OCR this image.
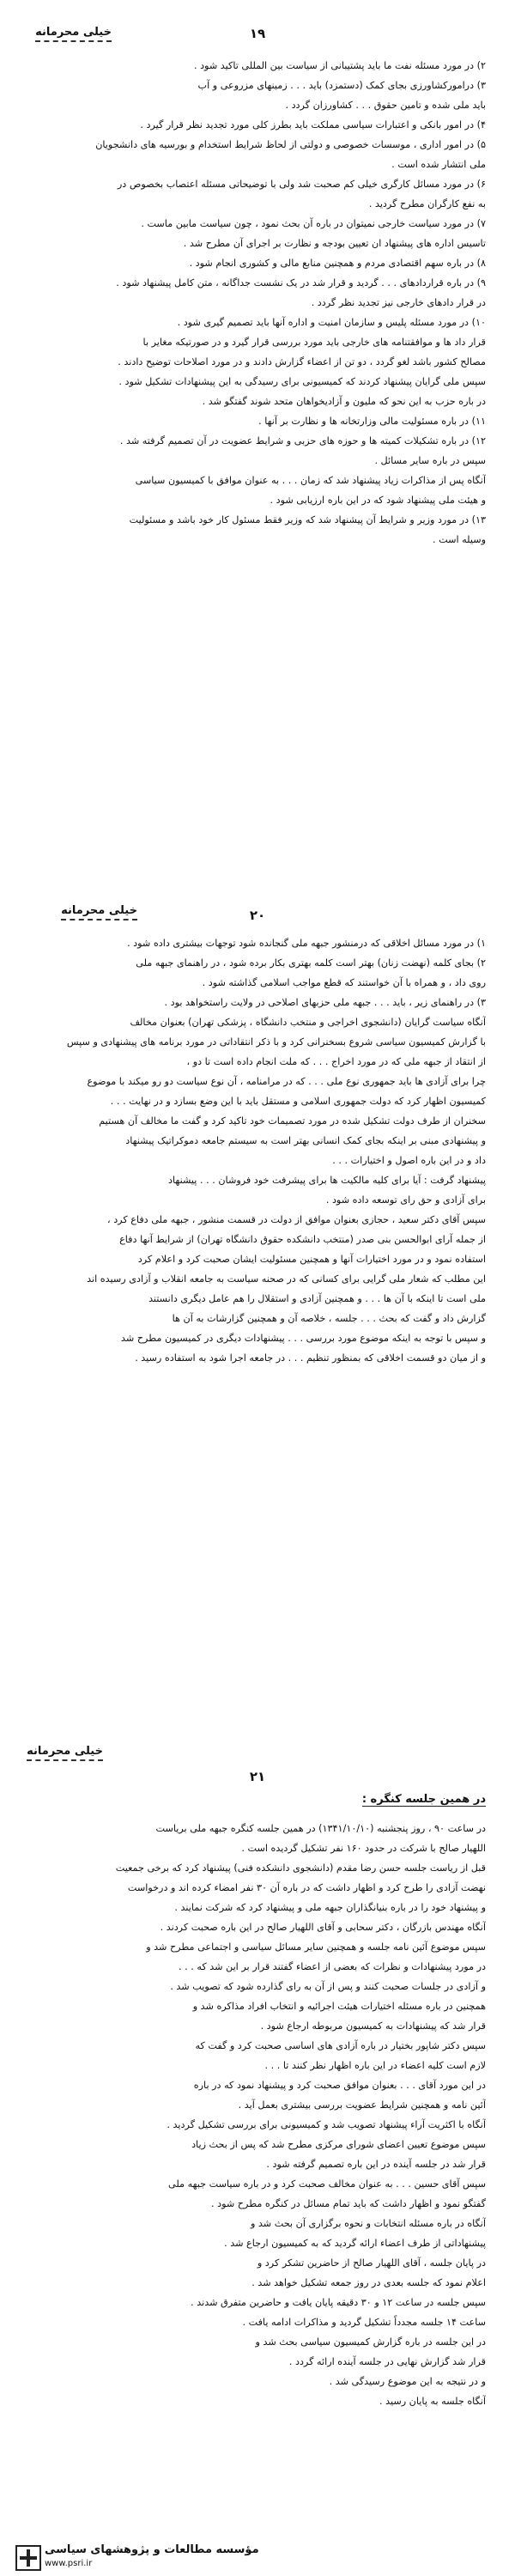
خیلی محرمانه	۱۹
۲) در مورد مسئله نفت ما باید پشتیبانی از سیاست بین المللی تاکید شود .
۳) درامورکشاورزی بجای کمک (دستمزد) باید . . . زمینهای مزروعی و آب
باید ملی شده و تامین حقوق . . . کشاورزان گردد .
۴) در امور بانکی و اعتبارات سیاسی مملکت باید بطرز کلی مورد تجدید نظر قرار گیرد .
۵) در امور اداری ، موسسات خصوصی و دولتی از لحاظ شرایط استخدام و بورسیه های دانشجویان
ملی انتشار شده است .
۶) در مورد مسائل کارگری خیلی کم صحبت شد ولی با توضیحاتی مسئله اعتصاب بخصوص در
به نفع کارگران مطرح گردید .
۷) در مورد سیاست خارجی نمیتوان در باره آن بحث نمود ، چون سیاست مابین ماست .
تاسیس اداره های پیشنهاد ان تعیین بودجه و نظارت بر اجرای آن مطرح شد .
۸) در باره سهم اقتصادی مردم و همچنین منابع مالی و کشوری انجام شود .
۹) در باره قراردادهای . . . گردید و قرار شد در یک نشست جداگانه ، متن کامل پیشنهاد شود .
در قرار دادهای خارجی نیز تجدید نظر گردد .
۱۰) در مورد مسئله پلیس و سازمان امنیت و اداره آنها باید تصمیم گیری شود .
قرار داد ها و موافقتنامه های خارجی باید مورد بررسی قرار گیرد و در صورتیکه مغایر با
مصالح کشور باشد لغو گردد ، دو تن از اعضاء گزارش دادند و در مورد اصلاحات توضیح دادند .
سپس ملی گرایان پیشنهاد کردند که کمیسیونی برای رسیدگی به این پیشنهادات تشکیل شود .
در باره حزب به این نحو که ملیون و آزادیخواهان متحد شوند گفتگو شد .
۱۱) در باره مسئولیت مالی وزارتخانه ها و نظارت بر آنها .
۱۲) در باره تشکیلات کمیته ها و حوزه های حزبی و شرایط عضویت در آن تصمیم گرفته شد .
سپس در باره سایر مسائل .
آنگاه پس از مذاکرات زیاد پیشنهاد شد که زمان . . . به عنوان موافق با کمیسیون سیاسی
و هیئت ملی پیشنهاد شود که در این باره ارزیابی شود .
۱۳) در مورد وزیر و شرایط آن پیشنهاد شد که وزیر فقط مسئول کار خود باشد و مسئولیت
وسیله است .
خیلی محرمانه	۲۰
۱) در مورد مسائل اخلاقی که درمنشور جبهه ملی گنجانده شود توجهات بیشتری داده شود .
۲) بجای کلمه (نهضت زنان) بهتر است کلمه بهتری بکار برده شود ، در راهنمای جبهه ملی
روی داد ، و همراه با آن خواستند که قطع مواجب اسلامی گذاشته شود .
۳) در راهنمای زیر ، باید . . . جبهه ملی حزبهای اصلاحی در ولایت راستخواهد بود .
آنگاه سیاست گرایان (دانشجوی اخراجی و منتخب دانشگاه ، پزشکی تهران) بعنوان مخالف
با گزارش کمیسیون سیاسی شروع بسخنرانی کرد و با ذکر انتقاداتی در مورد برنامه های پیشنهادی و سپس
از انتقاد از جبهه ملی که در مورد اخراج . . . که ملت انجام داده است تا دو ،
چرا برای آزادی ها باید جمهوری نوع ملی . . . که در مرامنامه ، آن نوع سیاست دو رو میکند با موضوع
کمیسیون اظهار کرد که دولت جمهوری اسلامی و مستقل باید با این وضع بسازد و در نهایت . . .
سخنران از طرف دولت تشکیل شده در مورد تصمیمات خود تاکید کرد و گفت ما مخالف آن هستیم
و پیشنهادی مبنی بر اینکه بجای کمک انسانی بهتر است به سیستم جامعه دموکراتیک پیشنهاد
داد و در این باره اصول و اختیارات . . .
پیشنهاد گرفت : آیا برای کلیه مالکیت ها برای پیشرفت خود فروشان . . . پیشنهاد
برای آزادی و حق رای توسعه داده شود .
سپس آقای دکتر سعید ، حجازی بعنوان موافق از دولت در قسمت منشور ، جبهه ملی دفاع کرد ،
از جمله آرای ابوالحسن بنی صدر (منتخب دانشکده حقوق دانشگاه تهران) از شرایط آنها دفاع
استفاده نمود و در مورد اختیارات آنها و همچنین مسئولیت ایشان صحبت کرد و اعلام کرد
این مطلب که شعار ملی گرایی برای کسانی که در صحنه سیاست به جامعه انقلاب و آزادی رسیده اند
ملی است تا اینکه با آن ها . . . و همچنین آزادی و استقلال را هم عامل دیگری دانستند
گزارش داد و گفت که بحث . . . جلسه ، خلاصه آن و همچنین گزارشات به آن ها
و سپس با توجه به اینکه موضوع مورد بررسی . . . پیشنهادات دیگری در کمیسیون مطرح شد
و از میان دو قسمت اخلاقی که بمنظور تنظیم . . . در جامعه اجرا شود به استفاده رسید .
خیلی محرمانه
۲۱
در همین جلسه کنگره :
در ساعت ۹۰ ، روز پنجشنبه (۱۳۴۱/۱۰/۱۰) در همین جلسه کنگره جبهه ملی بریاست
اللهیار صالح با شرکت در حدود ۱۶۰ نفر تشکیل گردیده است .
قبل از ریاست جلسه حسن رضا مقدم (دانشجوی دانشکده فنی) پیشنهاد کرد که برخی جمعیت
نهضت آزادی را طرح کرد و اظهار داشت که در باره آن ۳۰ نفر امضاء کرده اند و درخواست
و پیشنهاد خود را در باره بنیانگذاران جبهه ملی و پیشنهاد کرد که شرکت نمایند .
آنگاه مهندس بازرگان ، دکتر سحابی و آقای اللهیار صالح در این باره صحبت کردند .
سپس موضوع آئین نامه جلسه و همچنین سایر مسائل سیاسی و اجتماعی مطرح شد و
در مورد پیشنهادات و نظرات که بعضی از اعضاء گفتند قرار بر این شد که . . .
و آزادی در جلسات صحبت کنند و پس از آن به رای گذارده شود که تصویب شد .
همچنین در باره مسئله اختیارات هیئت اجرائیه و انتخاب افراد مذاکره شد و
قرار شد که پیشنهادات به کمیسیون مربوطه ارجاع شود .
سپس دکتر شاپور بختیار در باره آزادی های اساسی صحبت کرد و گفت که
لازم است کلیه اعضاء در این باره اظهار نظر کنند تا . . .
در این مورد آقای . . . بعنوان موافق صحبت کرد و پیشنهاد نمود که در باره
آئین نامه و همچنین شرایط عضویت بررسی بیشتری بعمل آید .
آنگاه با اکثریت آراء پیشنهاد تصویب شد و کمیسیونی برای بررسی تشکیل گردید .
سپس موضوع تعیین اعضای شورای مرکزی مطرح شد که پس از بحث زیاد
قرار شد در جلسه آینده در این باره تصمیم گرفته شود .
سپس آقای حسین . . . به عنوان مخالف صحبت کرد و در باره سیاست جبهه ملی
گفتگو نمود و اظهار داشت که باید تمام مسائل در کنگره مطرح شود .
آنگاه در باره مسئله انتخابات و نحوه برگزاری آن بحث شد و
پیشنهاداتی از طرف اعضاء ارائه گردید که به کمیسیون ارجاع شد .
در پایان جلسه ، آقای اللهیار صالح از حاضرین تشکر کرد و
اعلام نمود که جلسه بعدی در روز جمعه تشکیل خواهد شد .
سپس جلسه در ساعت ۱۲ و ۳۰ دقیقه پایان یافت و حاضرین متفرق شدند .
ساعت ۱۴ جلسه مجدداً تشکیل گردید و مذاکرات ادامه یافت .
در این جلسه در باره گزارش کمیسیون سیاسی بحث شد و
قرار شد گزارش نهایی در جلسه آینده ارائه گردد .
و در نتیجه به این موضوع رسیدگی شد .
آنگاه جلسه به پایان رسید .
مؤسسه مطالعات و پژوهشهای سیاسی
www.psri.ir
